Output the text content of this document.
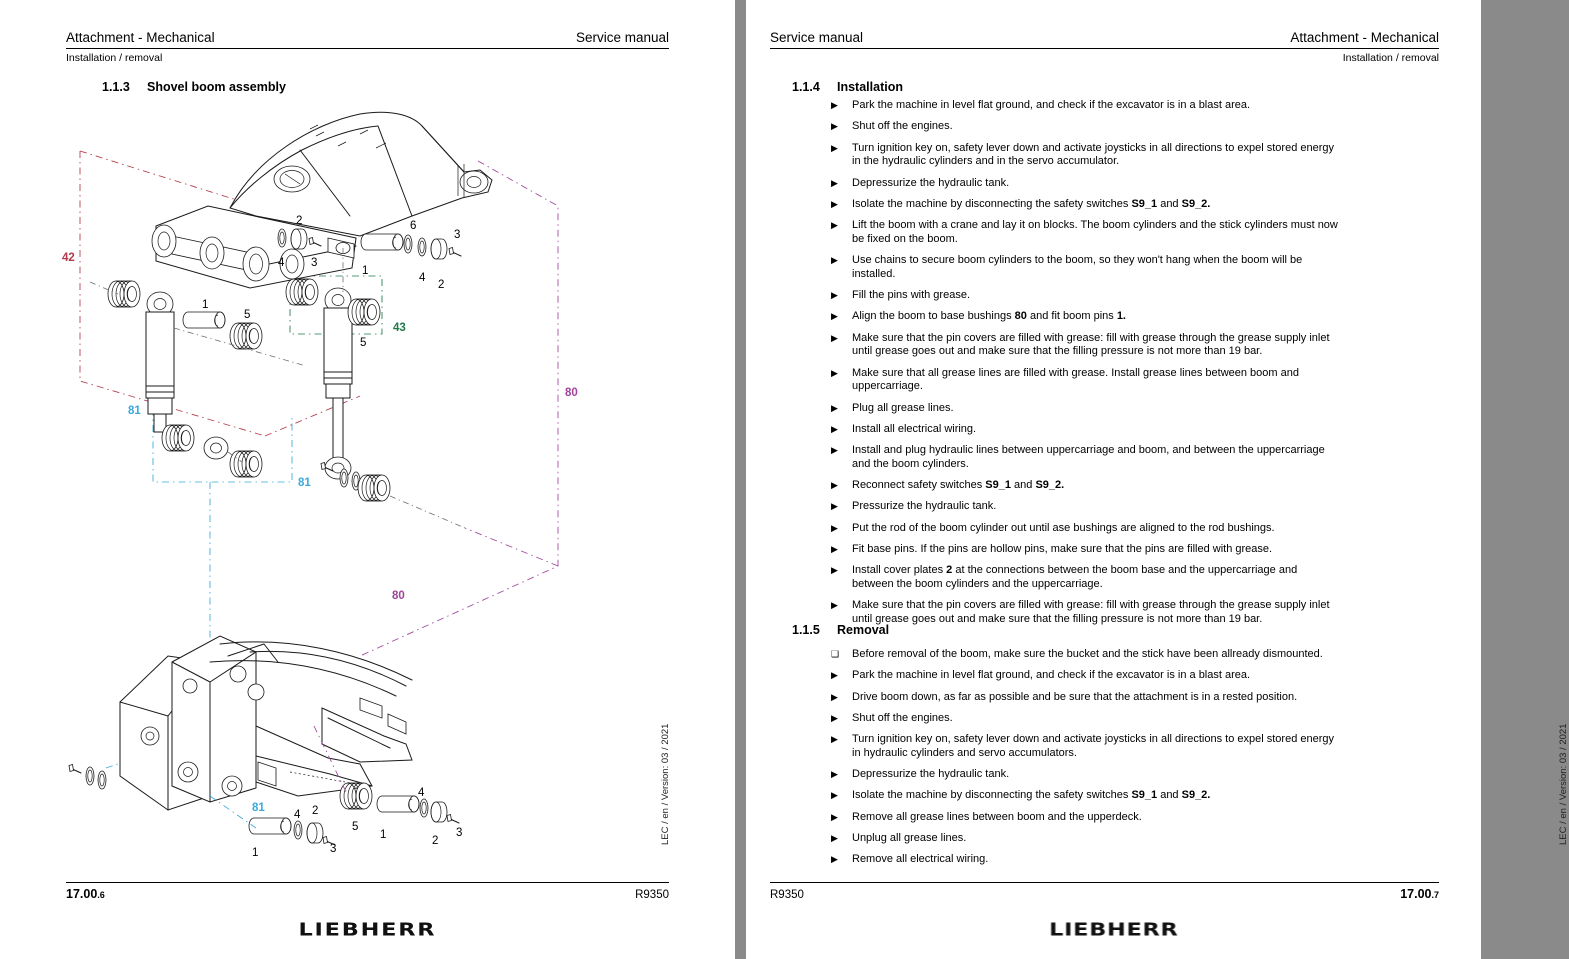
Attachment - Mechanical	Service manual
Installation / removal
1.1.3	Shovel boom assembly
42
80
80
43
81
81
81
4
2
3
1
6
4
2
3
1
5
5
1
4 2
3
5
1
4
2
3	LEC / en / Version: 03 / 2021
17.00.6	R9350
LIEBHERR
Service manual	Attachment - Mechanical
Installation / removal
1.1.4	Installation
▶	Park the machine in level flat ground, and check if the excavator is in a blast area.
▶	Shut off the engines.
▶	Turn ignition key on, safety lever down and activate joysticks in all directions to expel stored energy in the hydraulic cylinders and in the servo accumulator.
▶	Depressurize the hydraulic tank.
▶	Isolate the machine by disconnecting the safety switches S9_1 and S9_2.
▶	Lift the boom with a crane and lay it on blocks. The boom cylinders and the stick cylinders must now be fixed on the boom.
▶	Use chains to secure boom cylinders to the boom, so they won't hang when the boom will be installed.
▶	Fill the pins with grease.
▶	Align the boom to base bushings 80 and fit boom pins 1.
▶	Make sure that the pin covers are filled with grease: fill with grease through the grease supply inlet until grease goes out and make sure that the filling pressure is not more than 19 bar.
▶	Make sure that all grease lines are filled with grease. Install grease lines between boom and uppercarriage.
▶	Plug all grease lines.
▶	Install all electrical wiring.
▶	Install and plug hydraulic lines between uppercarriage and boom, and between the uppercarriage and the boom cylinders.
▶	Reconnect safety switches S9_1 and S9_2.
▶	Pressurize the hydraulic tank.
▶	Put the rod of the boom cylinder out until ase bushings are aligned to the rod bushings.
▶	Fit base pins. If the pins are hollow pins, make sure that the pins are filled with grease.
▶	Install cover plates 2 at the connections between the boom base and the uppercarriage and between the boom cylinders and the uppercarriage.
▶	Make sure that the pin covers are filled with grease: fill with grease through the grease supply inlet until grease goes out and make sure that the filling pressure is not more than 19 bar.
1.1.5	Removal
❑	Before removal of the boom, make sure the bucket and the stick have been allready dismounted.
▶	Park the machine in level flat ground, and check if the excavator is in a blast area.
▶	Drive boom down, as far as possible and be sure that the attachment is in a rested position.
▶	Shut off the engines.
▶	Turn ignition key on, safety lever down and activate joysticks in all directions to expel stored energy in hydraulic cylinders and servo accumulators.
▶	Depressurize the hydraulic tank.
▶	Isolate the machine by disconnecting the safety switches S9_1 and S9_2.
▶	Remove all grease lines between boom and the upperdeck.
▶	Unplug all grease lines.
▶	Remove all electrical wiring.
LEC / en / Version: 03 / 2021
R9350	17.00.7
LIEBHERR
